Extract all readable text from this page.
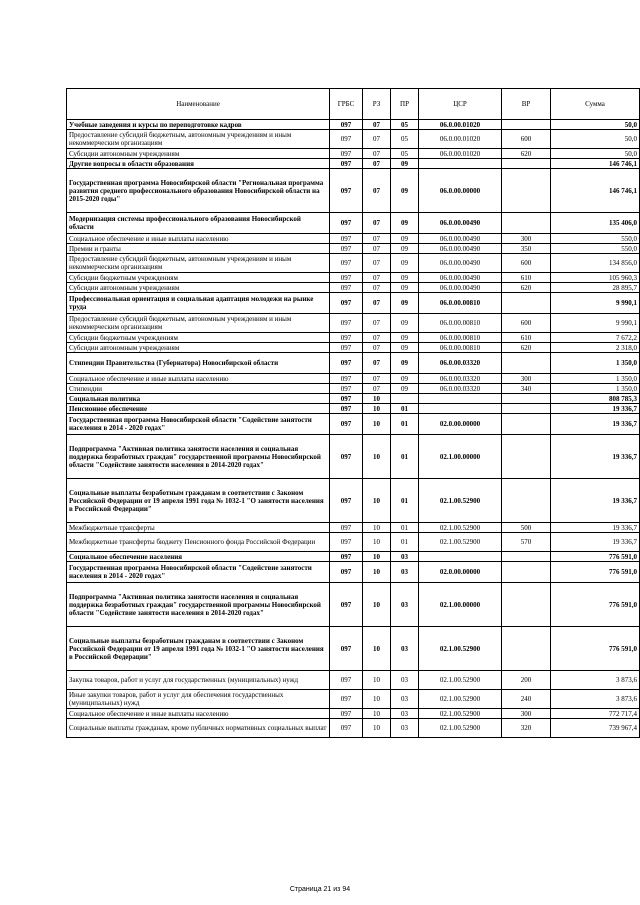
Наименование	ГРБС	РЗ	ПР	ЦСР	ВР	Сумма
Учебные заведения и курсы по переподготовке кадров	097	07	05	06.0.00.01020		50,0
Предоставление субсидий бюджетным, автономным учреждениям и иным некоммерческим организациям	097	07	05	06.0.00.01020	600	50,0
Субсидии автономным учреждениям	097	07	05	06.0.00.01020	620	50,0
Другие вопросы в области образования	097	07	09			146 746,1
Государственная программа Новосибирской области "Региональная программа развития среднего профессионального образования Новосибирской области на 2015-2020 годы"	097	07	09	06.0.00.00000		146 746,1
Модернизация системы профессионального образования Новосибирской области	097	07	09	06.0.00.00490		135 406,0
Социальное обеспечение и иные выплаты населению	097	07	09	06.0.00.00490	300	550,0
Премии и гранты	097	07	09	06.0.00.00490	350	550,0
Предоставление субсидий бюджетным, автономным учреждениям и иным некоммерческим организациям	097	07	09	06.0.00.00490	600	134 856,0
Субсидии бюджетным учреждениям	097	07	09	06.0.00.00490	610	105 960,3
Субсидии автономным учреждениям	097	07	09	06.0.00.00490	620	28 895,7
Профессиональная ориентация и социальная адаптация молодежи на рынке труда	097	07	09	06.0.00.00810		9 990,1
Предоставление субсидий бюджетным, автономным учреждениям и иным некоммерческим организациям	097	07	09	06.0.00.00810	600	9 990,1
Субсидии бюджетным учреждениям	097	07	09	06.0.00.00810	610	7 672,2
Субсидии автономным учреждениям	097	07	09	06.0.00.00810	620	2 318,0
Стипендии Правительства (Губернатора) Новосибирской области	097	07	09	06.0.00.03320		1 350,0
Социальное обеспечение и иные выплаты населению	097	07	09	06.0.00.03320	300	1 350,0
Стипендии	097	07	09	06.0.00.03320	340	1 350,0
Социальная политика	097	10				808 785,3
Пенсионное обеспечение	097	10	01			19 336,7
Государственная программа Новосибирской области "Содействие занятости населения в 2014 - 2020 годах"	097	10	01	02.0.00.00000		19 336,7
Подпрограмма "Активная политика занятости населения и социальная поддержка безработных граждан" государственной программы Новосибирской области "Содействие занятости населения в 2014-2020 годах"	097	10	01	02.1.00.00000		19 336,7
Социальные выплаты безработным гражданам в соответствии с Законом Российской Федерации от 19 апреля 1991 года № 1032-1 "О занятости населения в Российской Федерации"	097	10	01	02.1.00.52900		19 336,7
Межбюджетные трансферты	097	10	01	02.1.00.52900	500	19 336,7
Межбюджетные трансферты бюджету Пенсионного фонда Российской Федерации	097	10	01	02.1.00.52900	570	19 336,7
Социальное обеспечение населения	097	10	03			776 591,0
Государственная программа Новосибирской области "Содействие занятости населения в 2014 - 2020 годах"	097	10	03	02.0.00.00000		776 591,0
Подпрограмма "Активная политика занятости населения и социальная поддержка безработных граждан" государственной программы Новосибирской области "Содействие занятости населения в 2014-2020 годах"	097	10	03	02.1.00.00000		776 591,0
Социальные выплаты безработным гражданам в соответствии с Законом Российской Федерации от 19 апреля 1991 года № 1032-1 "О занятости населения в Российской Федерации"	097	10	03	02.1.00.52900		776 591,0
Закупка товаров, работ и услуг для государственных (муниципальных) нужд	097	10	03	02.1.00.52900	200	3 873,6
Иные закупки товаров, работ и услуг для обеспечения государственных (муниципальных) нужд	097	10	03	02.1.00.52900	240	3 873,6
Социальное обеспечение и иные выплаты населению	097	10	03	02.1.00.52900	300	772 717,4
Социальные выплаты гражданам, кроме публичных нормативных социальных выплат	097	10	03	02.1.00.52900	320	739 967,4
Страница 21 из 94
